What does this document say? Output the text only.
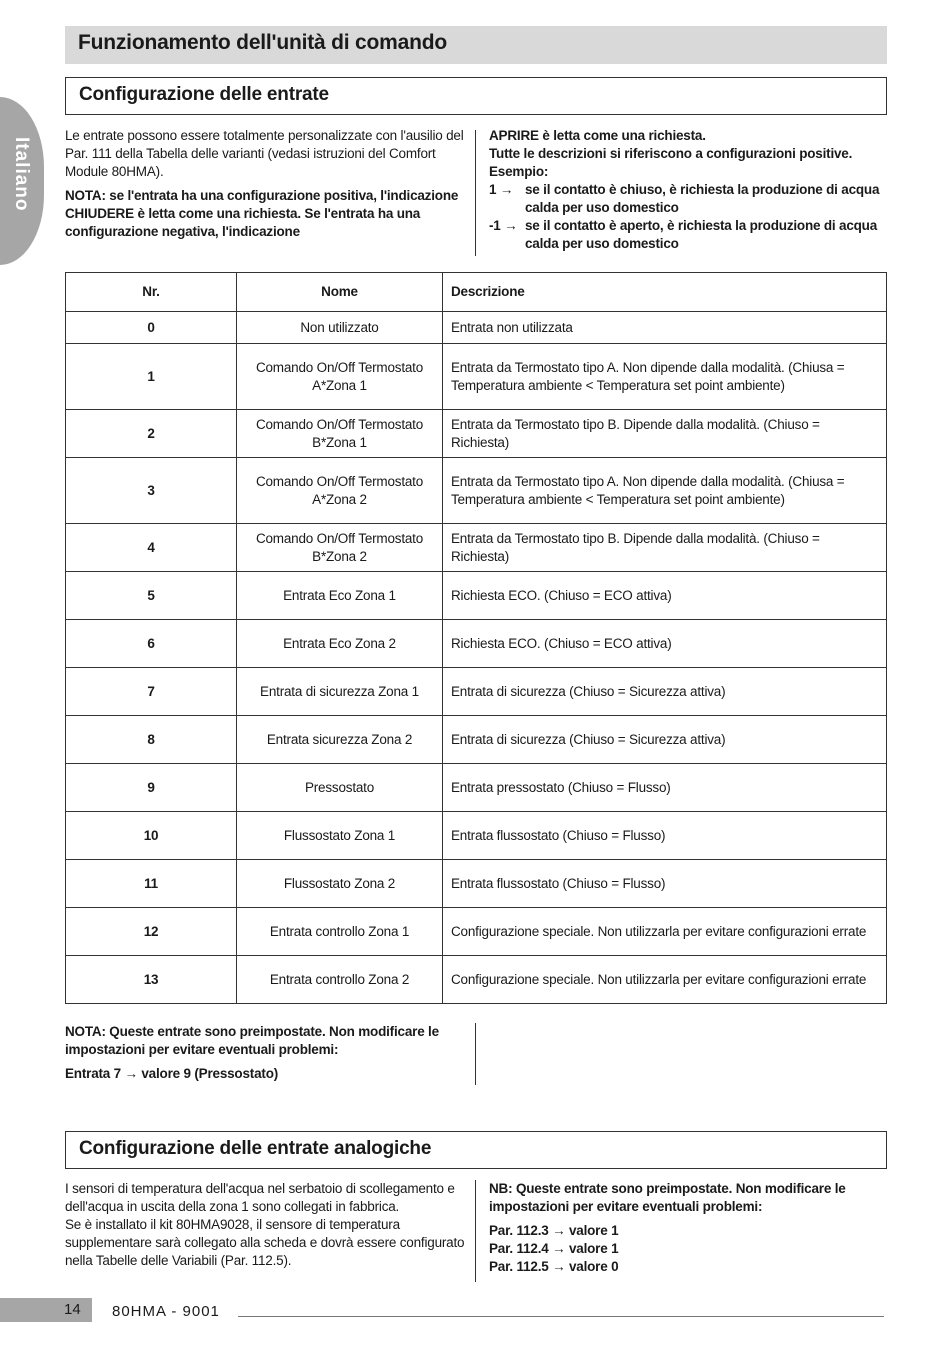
Funzionamento dell'unità di comando
Italiano
Configurazione delle entrate

Le entrate possono essere totalmente personalizzate con l'ausilio del Par. 111 della Tabella delle varianti (vedasi istruzioni del Comfort Module 80HMA).

NOTA: se l'entrata ha una configurazione positiva, l'indicazione CHIUDERE è letta come una richiesta. Se l'entrata ha una configurazione negativa, l'indicazione

APRIRE è letta come una richiesta.
Tutte le descrizioni si riferiscono a configurazioni positive.
Esempio:
1 → se il contatto è chiuso, è richiesta la produzione di acqua calda per uso domestico
-1 → se il contatto è aperto, è richiesta la produzione di acqua calda per uso domestico
Nr.	Nome	Descrizione
0	Non utilizzato	Entrata non utilizzata
1	Comando On/Off Termostato A*Zona 1	Entrata da Termostato tipo A. Non dipende dalla modalità. (Chiusa = Temperatura ambiente < Temperatura set point ambiente)
2	Comando On/Off Termostato B*Zona 1	Entrata da Termostato tipo B. Dipende dalla modalità. (Chiuso = Richiesta)
3	Comando On/Off Termostato A*Zona 2	Entrata da Termostato tipo A. Non dipende dalla modalità. (Chiusa = Temperatura ambiente < Temperatura set point ambiente)
4	Comando On/Off Termostato B*Zona 2	Entrata da Termostato tipo B. Dipende dalla modalità. (Chiuso = Richiesta)
5	Entrata Eco Zona 1	Richiesta ECO. (Chiuso = ECO attiva)
6	Entrata Eco Zona 2	Richiesta ECO. (Chiuso = ECO attiva)
7	Entrata di sicurezza Zona 1	Entrata di sicurezza (Chiuso = Sicurezza attiva)
8	Entrata sicurezza Zona 2	Entrata di sicurezza (Chiuso = Sicurezza attiva)
9	Pressostato	Entrata pressostato (Chiuso = Flusso)
10	Flussostato Zona 1	Entrata flussostato (Chiuso = Flusso)
11	Flussostato Zona 2	Entrata flussostato (Chiuso = Flusso)
12	Entrata controllo Zona 1	Configurazione speciale. Non utilizzarla per evitare configurazioni errate
13	Entrata controllo Zona 2	Configurazione speciale. Non utilizzarla per evitare configurazioni errate

NOTA: Queste entrate sono preimpostate. Non modificare le impostazioni per evitare eventuali problemi:

Entrata 7 → valore 9 (Pressostato)

Configurazione delle entrate analogiche
I sensori di temperatura dell'acqua nel serbatoio di scollegamento e dell'acqua in uscita della zona 1 sono collegati in fabbrica.
Se è installato il kit 80HMA9028, il sensore di temperatura supplementare sarà collegato alla scheda e dovrà essere configurato nella Tabelle delle Variabili (Par. 112.5).

NB: Queste entrate sono preimpostate. Non modificare le impostazioni per evitare eventuali problemi:

Par. 112.3 → valore 1
Par. 112.4 → valore 1
Par. 112.5 → valore 0
14 80HMA - 9001
